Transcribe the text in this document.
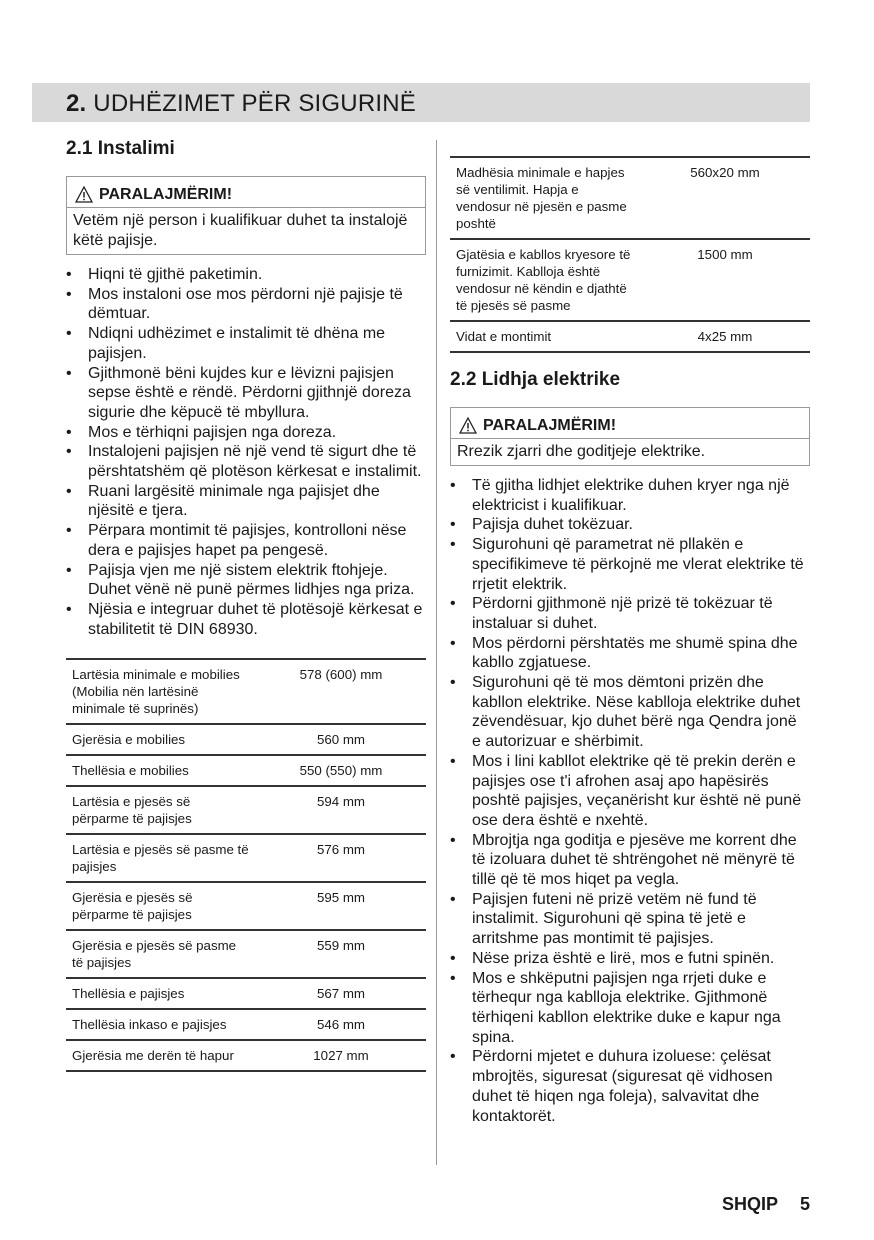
2. UDHËZIMET PËR SIGURINË
2.1 Instalimi
PARALAJMËRIM!
Vetëm një person i kualifikuar duhet ta instalojë këtë pajisje.
• Hiqni të gjithë paketimin.
• Mos instaloni ose mos përdorni një pajisje të dëmtuar.
• Ndiqni udhëzimet e instalimit të dhëna me pajisjen.
• Gjithmonë bëni kujdes kur e lëvizni pajisjen sepse është e rëndë. Përdorni gjithnjë doreza sigurie dhe këpucë të mbyllura.
• Mos e tërhiqni pajisjen nga doreza.
• Instalojeni pajisjen në një vend të sigurt dhe të përshtatshëm që plotëson kërkesat e instalimit.
• Ruani largësitë minimale nga pajisjet dhe njësitë e tjera.
• Përpara montimit të pajisjes, kontrolloni nëse dera e pajisjes hapet pa pengesë.
• Pajisja vjen me një sistem elektrik ftohjeje. Duhet vënë në punë përmes lidhjes nga priza.
• Njësia e integruar duhet të plotësojë kërkesat e stabilitetit të DIN 68930.
Lartësia minimale e mobilies (Mobilia nën lartësinë minimale të suprinës)	578 (600) mm
Gjerësia e mobilies	560 mm
Thellësia e mobilies	550 (550) mm
Lartësia e pjesës së përparme të pajisjes	594 mm
Lartësia e pjesës së pasme të pajisjes	576 mm
Gjerësia e pjesës së përparme të pajisjes	595 mm
Gjerësia e pjesës së pasme të pajisjes	559 mm
Thellësia e pajisjes	567 mm
Thellësia inkaso e pajisjes	546 mm
Gjerësia me derën të hapur	1027 mm
Madhësia minimale e hapjes së ventilimit. Hapja e vendosur në pjesën e pasme poshtë	560x20 mm
Gjatësia e kabllos kryesore të furnizimit. Kablloja është vendosur në këndin e djathtë të pjesës së pasme	1500 mm
Vidat e montimit	4x25 mm
2.2 Lidhja elektrike
PARALAJMËRIM!
Rrezik zjarri dhe goditjeje elektrike.
• Të gjitha lidhjet elektrike duhen kryer nga një elektricist i kualifikuar.
• Pajisja duhet tokëzuar.
• Sigurohuni që parametrat në pllakën e specifikimeve të përkojnë me vlerat elektrike të rrjetit elektrik.
• Përdorni gjithmonë një prizë të tokëzuar të instaluar si duhet.
• Mos përdorni përshtatës me shumë spina dhe kabllo zgjatuese.
• Sigurohuni që të mos dëmtoni prizën dhe kabllon elektrike. Nëse kablloja elektrike duhet zëvendësuar, kjo duhet bërë nga Qendra jonë e autorizuar e shërbimit.
• Mos i lini kabllot elektrike që të prekin derën e pajisjes ose t'i afrohen asaj apo hapësirës poshtë pajisjes, veçanërisht kur është në punë ose dera është e nxehtë.
• Mbrojtja nga goditja e pjesëve me korrent dhe të izoluara duhet të shtrëngohet në mënyrë të tillë që të mos hiqet pa vegla.
• Pajisjen futeni në prizë vetëm në fund të instalimit. Sigurohuni që spina të jetë e arritshme pas montimit të pajisjes.
• Nëse priza është e lirë, mos e futni spinën.
• Mos e shkëputni pajisjen nga rrjeti duke e tërhequr nga kablloja elektrike. Gjithmonë tërhiqeni kabllon elektrike duke e kapur nga spina.
• Përdorni mjetet e duhura izoluese: çelësat mbrojtës, siguresat (siguresat që vidhosen duhet të hiqen nga foleja), salvavitat dhe kontaktorët.
SHQIP 5
